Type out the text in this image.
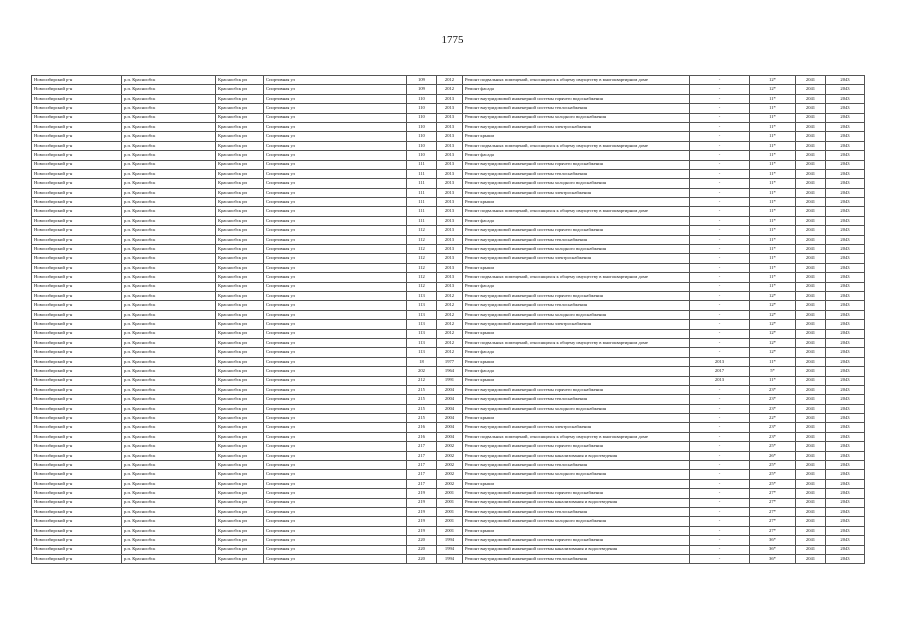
1775
Новосибирский р-н	р.п. Краснообск	Краснообск рп	Спортивная ул	109	2012	Ремонт подвальных помещений, относящихся к общему имуществу в многоквартирном доме	-	12*	2041	2043
Новосибирский р-н	р.п. Краснообск	Краснообск рп	Спортивная ул	109	2012	Ремонт фасада	-	12*	2041	2043
Новосибирский р-н	р.п. Краснообск	Краснообск рп	Спортивная ул	110	2013	Ремонт внутридомовой инженерной системы горячего водоснабжения	-	11*	2041	2043
Новосибирский р-н	р.п. Краснообск	Краснообск рп	Спортивная ул	110	2013	Ремонт внутридомовой инженерной системы теплоснабжения	-	11*	2041	2043
Новосибирский р-н	р.п. Краснообск	Краснообск рп	Спортивная ул	110	2013	Ремонт внутридомовой инженерной системы холодного водоснабжения	-	11*	2041	2043
Новосибирский р-н	р.п. Краснообск	Краснообск рп	Спортивная ул	110	2013	Ремонт внутридомовой инженерной системы электроснабжения	-	11*	2041	2043
Новосибирский р-н	р.п. Краснообск	Краснообск рп	Спортивная ул	110	2013	Ремонт крыши	-	11*	2041	2043
Новосибирский р-н	р.п. Краснообск	Краснообск рп	Спортивная ул	110	2013	Ремонт подвальных помещений, относящихся к общему имуществу в многоквартирном доме	-	11*	2041	2043
Новосибирский р-н	р.п. Краснообск	Краснообск рп	Спортивная ул	110	2013	Ремонт фасада	-	11*	2041	2043
Новосибирский р-н	р.п. Краснообск	Краснообск рп	Спортивная ул	111	2013	Ремонт внутридомовой инженерной системы горячего водоснабжения	-	11*	2041	2043
Новосибирский р-н	р.п. Краснообск	Краснообск рп	Спортивная ул	111	2013	Ремонт внутридомовой инженерной системы теплоснабжения	-	11*	2041	2043
Новосибирский р-н	р.п. Краснообск	Краснообск рп	Спортивная ул	111	2013	Ремонт внутридомовой инженерной системы холодного водоснабжения	-	11*	2041	2043
Новосибирский р-н	р.п. Краснообск	Краснообск рп	Спортивная ул	111	2013	Ремонт внутридомовой инженерной системы электроснабжения	-	11*	2041	2043
Новосибирский р-н	р.п. Краснообск	Краснообск рп	Спортивная ул	111	2013	Ремонт крыши	-	11*	2041	2043
Новосибирский р-н	р.п. Краснообск	Краснообск рп	Спортивная ул	111	2013	Ремонт подвальных помещений, относящихся к общему имуществу в многоквартирном доме	-	11*	2041	2043
Новосибирский р-н	р.п. Краснообск	Краснообск рп	Спортивная ул	111	2013	Ремонт фасада	-	11*	2041	2043
Новосибирский р-н	р.п. Краснообск	Краснообск рп	Спортивная ул	112	2013	Ремонт внутридомовой инженерной системы горячего водоснабжения	-	11*	2041	2043
Новосибирский р-н	р.п. Краснообск	Краснообск рп	Спортивная ул	112	2013	Ремонт внутридомовой инженерной системы теплоснабжения	-	11*	2041	2043
Новосибирский р-н	р.п. Краснообск	Краснообск рп	Спортивная ул	112	2013	Ремонт внутридомовой инженерной системы холодного водоснабжения	-	11*	2041	2043
Новосибирский р-н	р.п. Краснообск	Краснообск рп	Спортивная ул	112	2013	Ремонт внутридомовой инженерной системы электроснабжения	-	11*	2041	2043
Новосибирский р-н	р.п. Краснообск	Краснообск рп	Спортивная ул	112	2013	Ремонт крыши	-	11*	2041	2043
Новосибирский р-н	р.п. Краснообск	Краснообск рп	Спортивная ул	112	2013	Ремонт подвальных помещений, относящихся к общему имуществу в многоквартирном доме	-	11*	2041	2043
Новосибирский р-н	р.п. Краснообск	Краснообск рп	Спортивная ул	112	2013	Ремонт фасада	-	11*	2041	2043
Новосибирский р-н	р.п. Краснообск	Краснообск рп	Спортивная ул	113	2012	Ремонт внутридомовой инженерной системы горячего водоснабжения	-	12*	2041	2043
Новосибирский р-н	р.п. Краснообск	Краснообск рп	Спортивная ул	113	2012	Ремонт внутридомовой инженерной системы теплоснабжения	-	12*	2041	2043
Новосибирский р-н	р.п. Краснообск	Краснообск рп	Спортивная ул	113	2012	Ремонт внутридомовой инженерной системы холодного водоснабжения	-	12*	2041	2043
Новосибирский р-н	р.п. Краснообск	Краснообск рп	Спортивная ул	113	2012	Ремонт внутридомовой инженерной системы электроснабжения	-	12*	2041	2043
Новосибирский р-н	р.п. Краснообск	Краснообск рп	Спортивная ул	113	2012	Ремонт крыши	-	12*	2041	2043
Новосибирский р-н	р.п. Краснообск	Краснообск рп	Спортивная ул	113	2012	Ремонт подвальных помещений, относящихся к общему имуществу в многоквартирном доме	-	12*	2041	2043
Новосибирский р-н	р.п. Краснообск	Краснообск рп	Спортивная ул	113	2012	Ремонт фасада	-	12*	2041	2043
Новосибирский р-н	р.п. Краснообск	Краснообск рп	Спортивная ул	18	1977	Ремонт крыши	2013	11*	2041	2043
Новосибирский р-н	р.п. Краснообск	Краснообск рп	Спортивная ул	202	1964	Ремонт фасада	2017	5*	2041	2043
Новосибирский р-н	р.п. Краснообск	Краснообск рп	Спортивная ул	212	1991	Ремонт крыши	2013	11*	2041	2043
Новосибирский р-н	р.п. Краснообск	Краснообск рп	Спортивная ул	215	2004	Ремонт внутридомовой инженерной системы горячего водоснабжения	-	23*	2041	2043
Новосибирский р-н	р.п. Краснообск	Краснообск рп	Спортивная ул	215	2004	Ремонт внутридомовой инженерной системы теплоснабжения	-	23*	2041	2043
Новосибирский р-н	р.п. Краснообск	Краснообск рп	Спортивная ул	215	2004	Ремонт внутридомовой инженерной системы холодного водоснабжения	-	23*	2041	2043
Новосибирский р-н	р.п. Краснообск	Краснообск рп	Спортивная ул	215	2004	Ремонт крыши	-	22*	2041	2043
Новосибирский р-н	р.п. Краснообск	Краснообск рп	Спортивная ул	216	2004	Ремонт внутридомовой инженерной системы электроснабжения	-	23*	2041	2043
Новосибирский р-н	р.п. Краснообск	Краснообск рп	Спортивная ул	216	2004	Ремонт подвальных помещений, относящихся к общему имуществу в многоквартирном доме	-	23*	2041	2043
Новосибирский р-н	р.п. Краснообск	Краснообск рп	Спортивная ул	217	2002	Ремонт внутридомовой инженерной системы горячего водоснабжения	-	25*	2041	2043
Новосибирский р-н	р.п. Краснообск	Краснообск рп	Спортивная ул	217	2002	Ремонт внутридомовой инженерной системы канализования и водоотведения	-	26*	2041	2043
Новосибирский р-н	р.п. Краснообск	Краснообск рп	Спортивная ул	217	2002	Ремонт внутридомовой инженерной системы теплоснабжения	-	25*	2041	2043
Новосибирский р-н	р.п. Краснообск	Краснообск рп	Спортивная ул	217	2002	Ремонт внутридомовой инженерной системы холодного водоснабжения	-	25*	2041	2043
Новосибирский р-н	р.п. Краснообск	Краснообск рп	Спортивная ул	217	2002	Ремонт крыши	-	25*	2041	2043
Новосибирский р-н	р.п. Краснообск	Краснообск рп	Спортивная ул	219	2001	Ремонт внутридомовой инженерной системы горячего водоснабжения	-	27*	2041	2043
Новосибирский р-н	р.п. Краснообск	Краснообск рп	Спортивная ул	219	2001	Ремонт внутридомовой инженерной системы канализования и водоотведения	-	27*	2041	2043
Новосибирский р-н	р.п. Краснообск	Краснообск рп	Спортивная ул	219	2001	Ремонт внутридомовой инженерной системы теплоснабжения	-	27*	2041	2043
Новосибирский р-н	р.п. Краснообск	Краснообск рп	Спортивная ул	219	2001	Ремонт внутридомовой инженерной системы холодного водоснабжения	-	27*	2041	2043
Новосибирский р-н	р.п. Краснообск	Краснообск рп	Спортивная ул	219	2001	Ремонт крыши	-	27*	2041	2043
Новосибирский р-н	р.п. Краснообск	Краснообск рп	Спортивная ул	220	1994	Ремонт внутридомовой инженерной системы горячего водоснабжения	-	36*	2041	2043
Новосибирский р-н	р.п. Краснообск	Краснообск рп	Спортивная ул	220	1994	Ремонт внутридомовой инженерной системы канализования и водоотведения	-	36*	2041	2043
Новосибирский р-н	р.п. Краснообск	Краснообск рп	Спортивная ул	220	1994	Ремонт внутридомовой инженерной системы теплоснабжения	-	36*	2041	2043
